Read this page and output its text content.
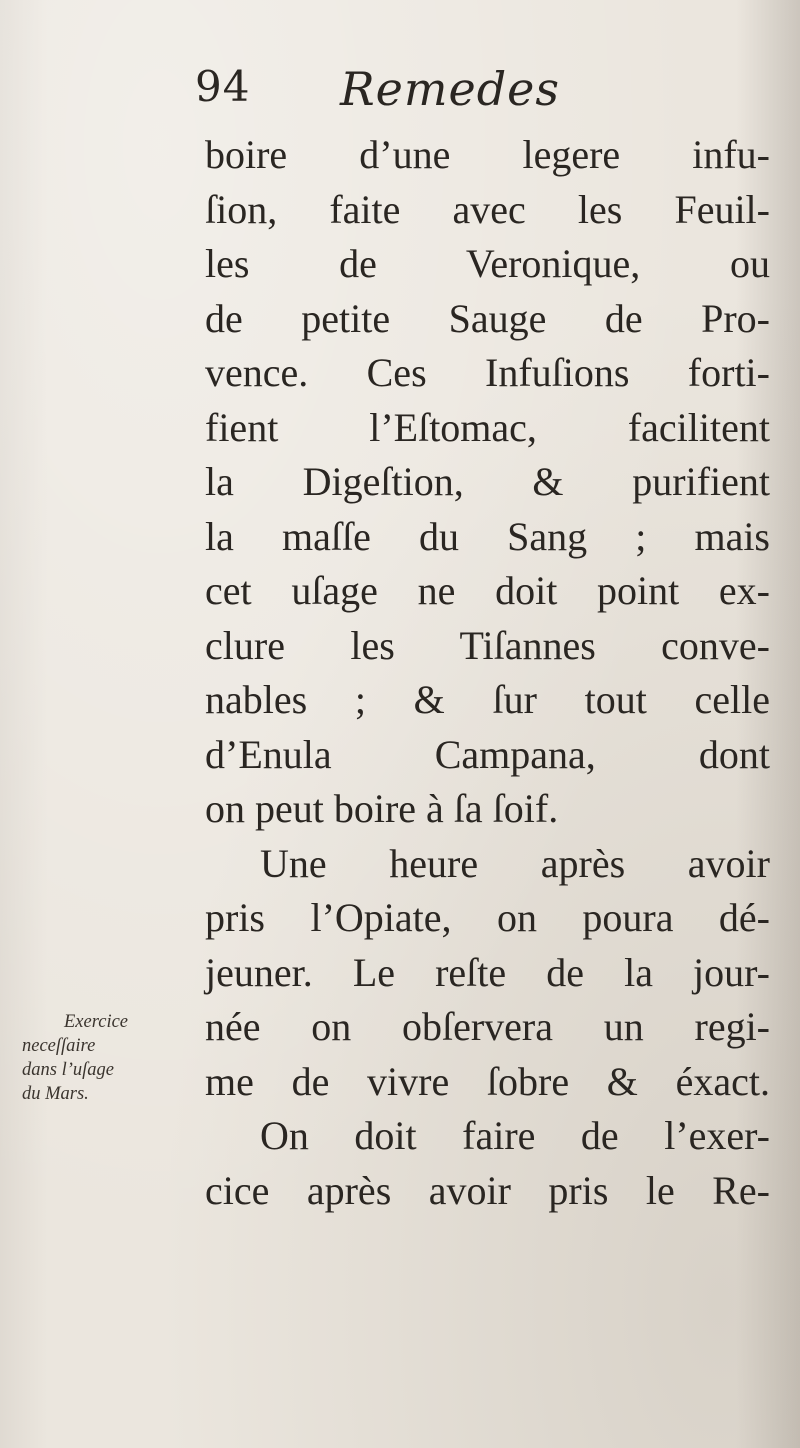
94 Remedes
boire d’une legere infu-
ſion, faite avec les Feuil-
les de Veronique, ou
de petite Sauge de Pro-
vence. Ces Infuſions forti-
fient l’Eſtomac, facilitent
la Digeſtion, & purifient
la maſſe du Sang ; mais
cet uſage ne doit point ex-
clure les Tiſannes conve-
nables ; & ſur tout celle
d’Enula Campana, dont
on peut boire à ſa ſoif.
Une heure après avoir
pris l’Opiate, on poura dé-
jeuner. Le reſte de la jour-
née on obſervera un regi-
me de vivre ſobre & éxact.
On doit faire de l’exer-
cice après avoir pris le Re-
Exercice
neceſſaire
dans l’uſage
du Mars.
